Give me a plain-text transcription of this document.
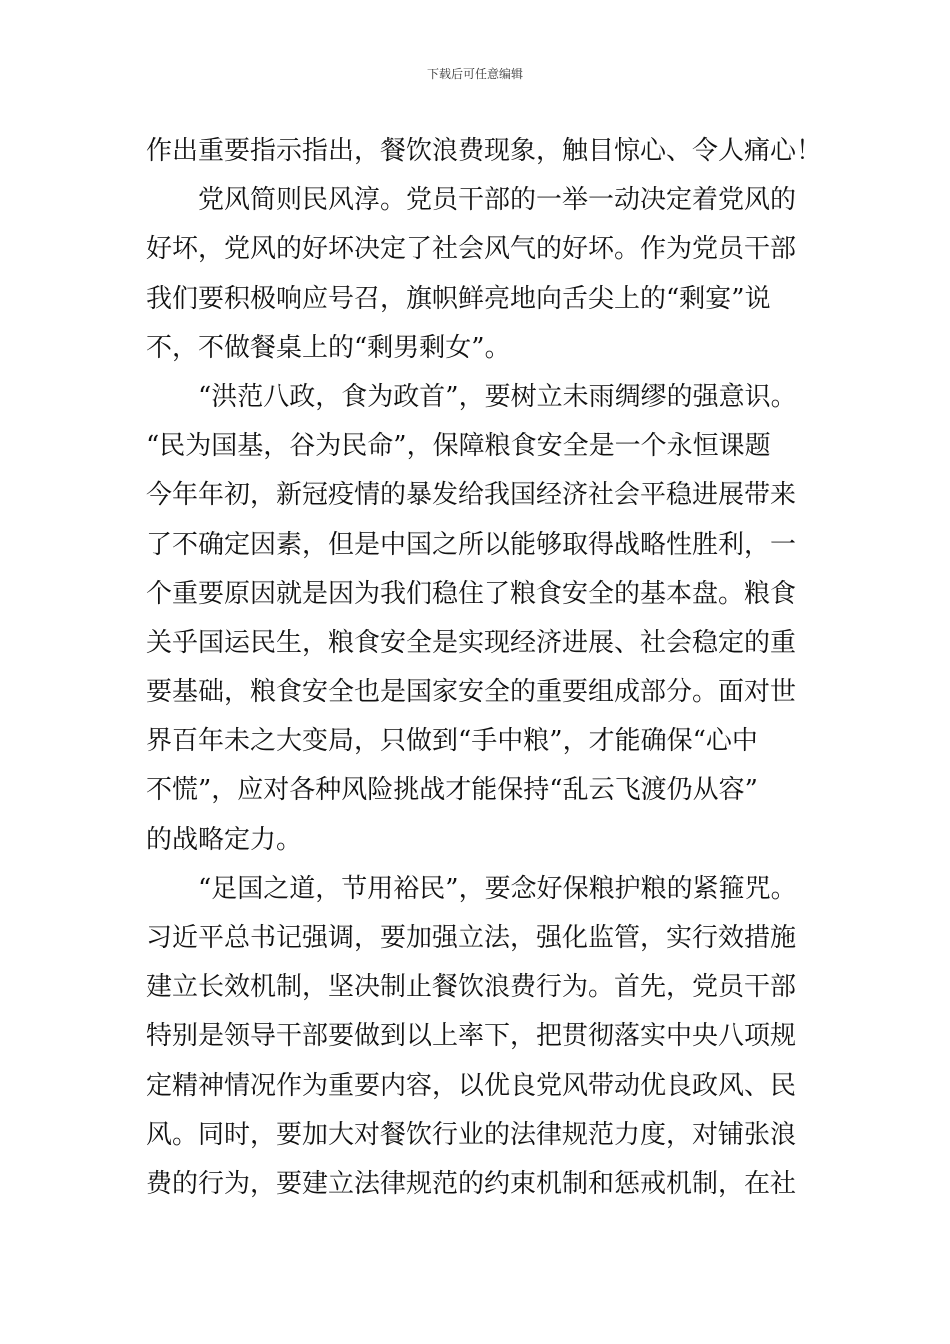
下载后可任意编辑
作出重要指示指出，餐饮浪费现象，触目惊心、令人痛心！
党风简则民风淳。党员干部的一举一动决定着党风的
好坏，党风的好坏决定了社会风气的好坏。作为党员干部
我们要积极响应号召，旗帜鲜亮地向舌尖上的“剩宴”说
不，不做餐桌上的“剩男剩女”。
“洪范八政，食为政首”，要树立未雨绸缪的强意识。
“民为国基，谷为民命”，保障粮食安全是一个永恒课题
今年年初，新冠疫情的暴发给我国经济社会平稳进展带来
了不确定因素，但是中国之所以能够取得战略性胜利，一
个重要原因就是因为我们稳住了粮食安全的基本盘。粮食
关乎国运民生，粮食安全是实现经济进展、社会稳定的重
要基础，粮食安全也是国家安全的重要组成部分。面对世
界百年未之大变局，只做到“手中粮”，才能确保“心中
不慌”，应对各种风险挑战才能保持“乱云飞渡仍从容”
的战略定力。
“足国之道，节用裕民”，要念好保粮护粮的紧箍咒。
习近平总书记强调，要加强立法，强化监管，实行效措施
建立长效机制，坚决制止餐饮浪费行为。首先，党员干部
特别是领导干部要做到以上率下，把贯彻落实中央八项规
定精神情况作为重要内容，以优良党风带动优良政风、民
风。同时，要加大对餐饮行业的法律规范力度，对铺张浪
费的行为，要建立法律规范的约束机制和惩戒机制，在社
